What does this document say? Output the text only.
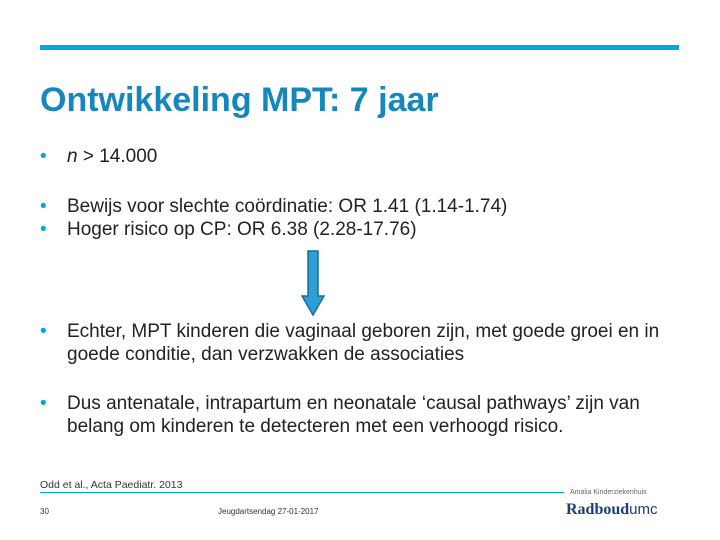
Ontwikkeling MPT: 7 jaar
• n > 14.000
• Bewijs voor slechte coördinatie: OR 1.41 (1.14-1.74)
• Hoger risico op CP: OR 6.38 (2.28-17.76)
• Echter, MPT kinderen die vaginaal geboren zijn, met goede groei en in goede conditie, dan verzwakken de associaties
• Dus antenatale, intrapartum en neonatale ‘causal pathways’ zijn van belang om kinderen te detecteren met een verhoogd risico.
Odd et al., Acta Paediatr. 2013
Amalia Kinderziekenhuis
30	Jeugdartsendag 27-01-2017	Radboudumc
